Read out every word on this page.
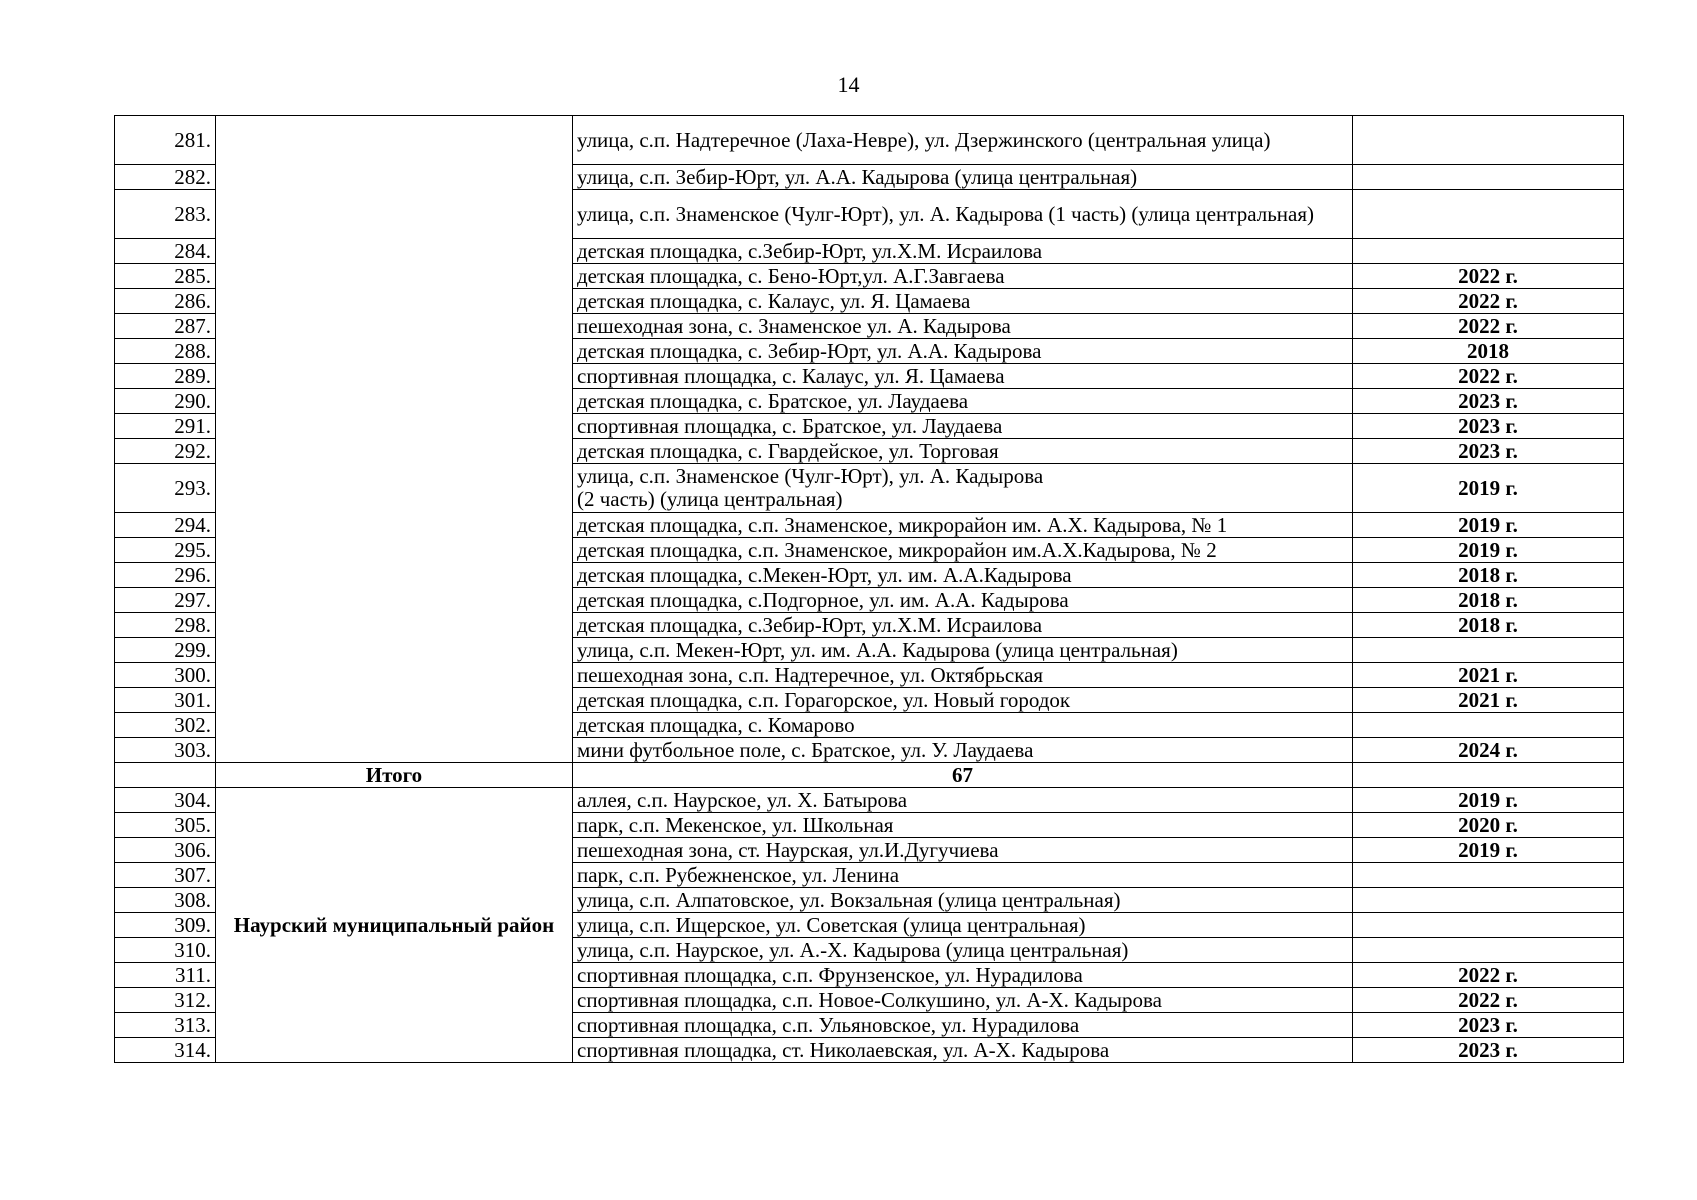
14
281.		улица, с.п. Надтеречное (Лаха-Невре), ул. Дзержинского (центральная улица)	
282.		улица, с.п. Зебир-Юрт, ул. А.А. Кадырова (улица центральная)	
283.		улица, с.п. Знаменское (Чулг-Юрт), ул. А. Кадырова (1 часть) (улица центральная)	
284.		детская площадка, с.Зебир-Юрт, ул.Х.М. Исраилова	
285.		детская площадка, с. Бено-Юрт,ул. А.Г.Завгаева	2022 г.
286.		детская площадка, с. Калаус, ул. Я. Цамаева	2022 г.
287.		пешеходная зона, с. Знаменское ул. А. Кадырова	2022 г.
288.		детская площадка, с. Зебир-Юрт, ул. А.А. Кадырова	2018
289.		спортивная площадка, с. Калаус, ул. Я. Цамаева	2022 г.
290.		детская площадка, с. Братское, ул. Лаудаева	2023 г.
291.		спортивная площадка, с. Братское, ул. Лаудаева	2023 г.
292.		детская площадка, с. Гвардейское, ул. Торговая	2023 г.
293.		улица, с.п. Знаменское (Чулг-Юрт), ул. А. Кадырова
(2 часть) (улица центральная)	2019 г.
294.		детская площадка, с.п. Знаменское, микрорайон им. А.Х. Кадырова, № 1	2019 г.
295.		детская площадка, с.п. Знаменское, микрорайон им.А.Х.Кадырова, № 2	2019 г.
296.		детская площадка, с.Мекен-Юрт, ул. им. А.А.Кадырова	2018 г.
297.		детская площадка, с.Подгорное, ул. им. А.А. Кадырова	2018 г.
298.		детская площадка, с.Зебир-Юрт, ул.Х.М. Исраилова	2018 г.
299.		улица, с.п. Мекен-Юрт, ул. им. А.А. Кадырова (улица центральная)	
300.		пешеходная зона, с.п. Надтеречное, ул. Октябрьская	2021 г.
301.		детская площадка, с.п. Горагорское, ул. Новый городок	2021 г.
302.		детская площадка, с. Комарово	
303.		мини футбольное поле, с. Братское, ул. У. Лаудаева	2024 г.
	Итого	67	
304.	Наурский муниципальный район	аллея, с.п. Наурское, ул. Х. Батырова	2019 г.
305.		парк, с.п. Мекенское, ул. Школьная	2020 г.
306.		пешеходная зона, ст. Наурская, ул.И.Дугучиева	2019 г.
307.		парк, с.п. Рубежненское, ул. Ленина	
308.		улица, с.п. Алпатовское, ул. Вокзальная (улица центральная)	
309.		улица, с.п. Ищерское, ул. Советская (улица центральная)	
310.		улица, с.п. Наурское, ул. А.-Х. Кадырова (улица центральная)	
311.		спортивная площадка, с.п. Фрунзенское, ул. Нурадилова	2022 г.
312.		спортивная площадка, с.п. Новое-Солкушино, ул. А-Х. Кадырова	2022 г.
313.		спортивная площадка, с.п. Ульяновское, ул. Нурадилова	2023 г.
314.		спортивная площадка, ст. Николаевская, ул. А-Х. Кадырова	2023 г.
